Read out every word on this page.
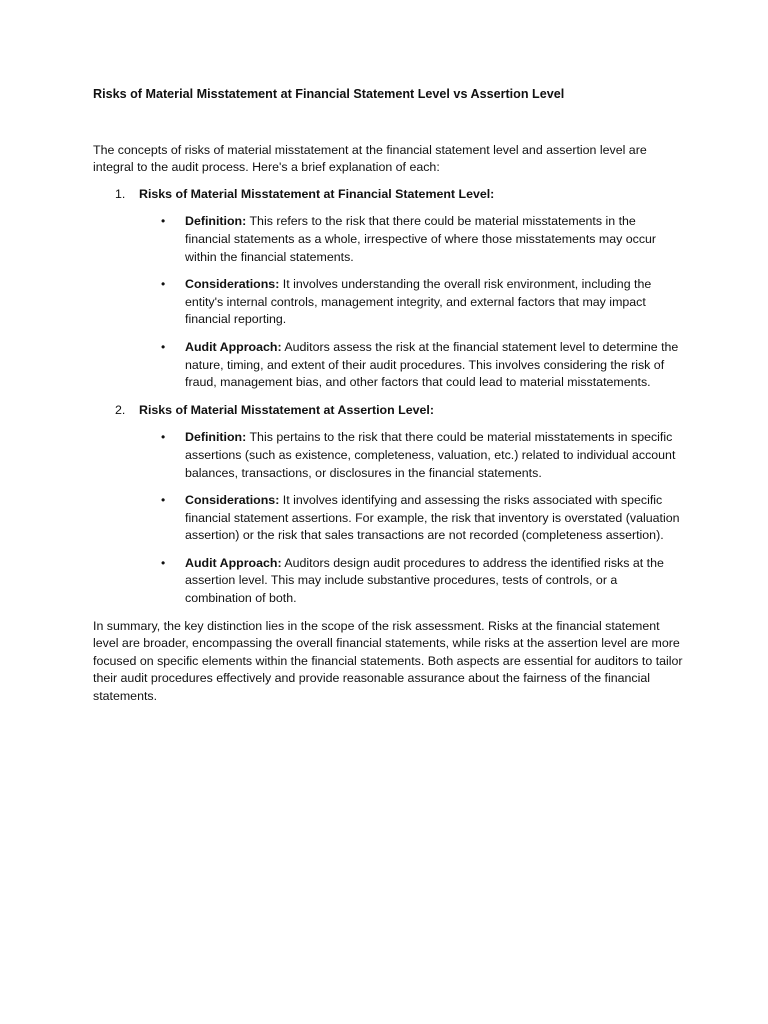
Risks of Material Misstatement at Financial Statement Level vs Assertion Level

The concepts of risks of material misstatement at the financial statement level and assertion level are integral to the audit process. Here's a brief explanation of each:

1. Risks of Material Misstatement at Financial Statement Level:
• Definition: This refers to the risk that there could be material misstatements in the financial statements as a whole, irrespective of where those misstatements may occur within the financial statements.
• Considerations: It involves understanding the overall risk environment, including the entity's internal controls, management integrity, and external factors that may impact financial reporting.
• Audit Approach: Auditors assess the risk at the financial statement level to determine the nature, timing, and extent of their audit procedures. This involves considering the risk of fraud, management bias, and other factors that could lead to material misstatements.
2. Risks of Material Misstatement at Assertion Level:
• Definition: This pertains to the risk that there could be material misstatements in specific assertions (such as existence, completeness, valuation, etc.) related to individual account balances, transactions, or disclosures in the financial statements.
• Considerations: It involves identifying and assessing the risks associated with specific financial statement assertions. For example, the risk that inventory is overstated (valuation assertion) or the risk that sales transactions are not recorded (completeness assertion).
• Audit Approach: Auditors design audit procedures to address the identified risks at the assertion level. This may include substantive procedures, tests of controls, or a combination of both.

In summary, the key distinction lies in the scope of the risk assessment. Risks at the financial statement level are broader, encompassing the overall financial statements, while risks at the assertion level are more focused on specific elements within the financial statements. Both aspects are essential for auditors to tailor their audit procedures effectively and provide reasonable assurance about the fairness of the financial statements.
